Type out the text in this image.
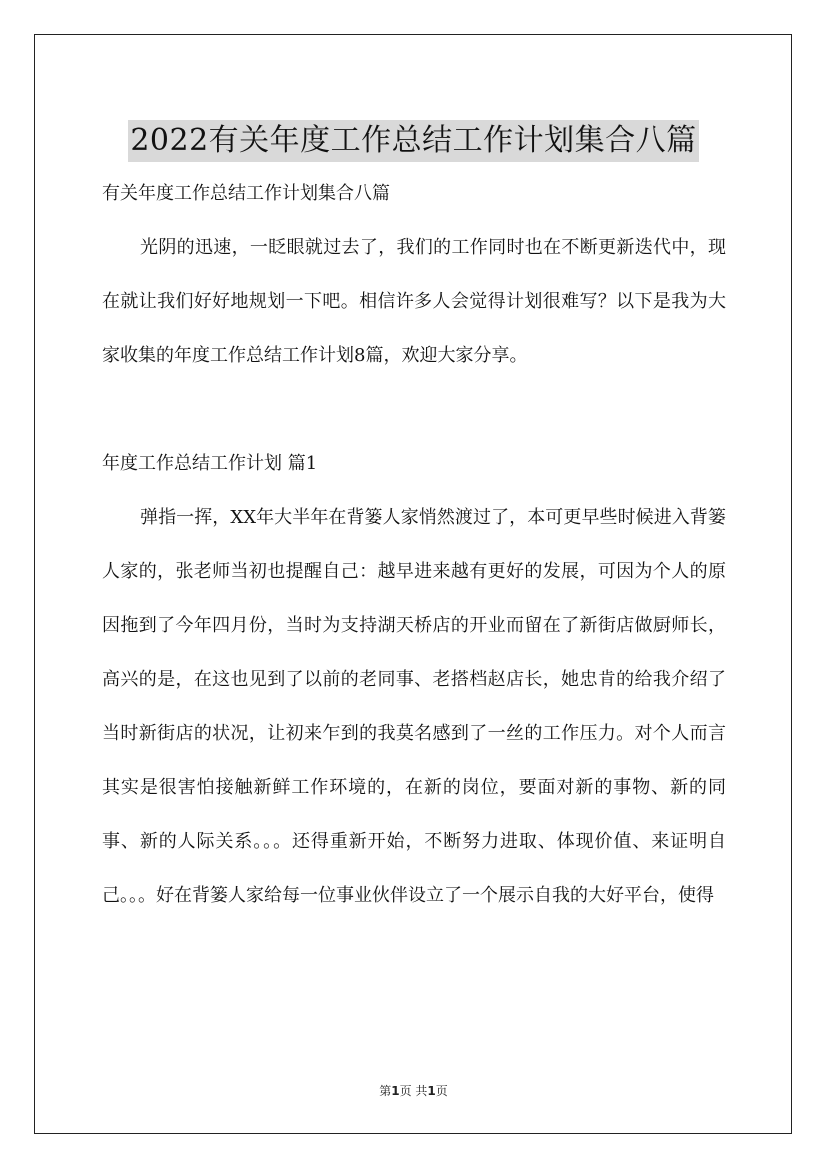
2022有关年度工作总结工作计划集合八篇

有关年度工作总结工作计划集合八篇

光阴的迅速，一眨眼就过去了，我们的工作同时也在不断更新迭代中，现在就让我们好好地规划一下吧。相信许多人会觉得计划很难写？以下是我为大家收集的年度工作总结工作计划8篇，欢迎大家分享。

年度工作总结工作计划 篇1

弹指一挥，XX年大半年在背篓人家悄然渡过了，本可更早些时候进入背篓人家的，张老师当初也提醒自己：越早进来越有更好的发展，可因为个人的原因拖到了今年四月份，当时为支持湖天桥店的开业而留在了新街店做厨师长，高兴的是，在这也见到了以前的老同事、老搭档赵店长，她忠肯的给我介绍了当时新街店的状况，让初来乍到的我莫名感到了一丝的工作压力。对个人而言其实是很害怕接触新鲜工作环境的，在新的岗位，要面对新的事物、新的同事、新的人际关系。。。还得重新开始，不断努力进取、体现价值、来证明自己。。。好在背篓人家给每一位事业伙伴设立了一个展示自我的大好平台，使得

第1页 共1页
